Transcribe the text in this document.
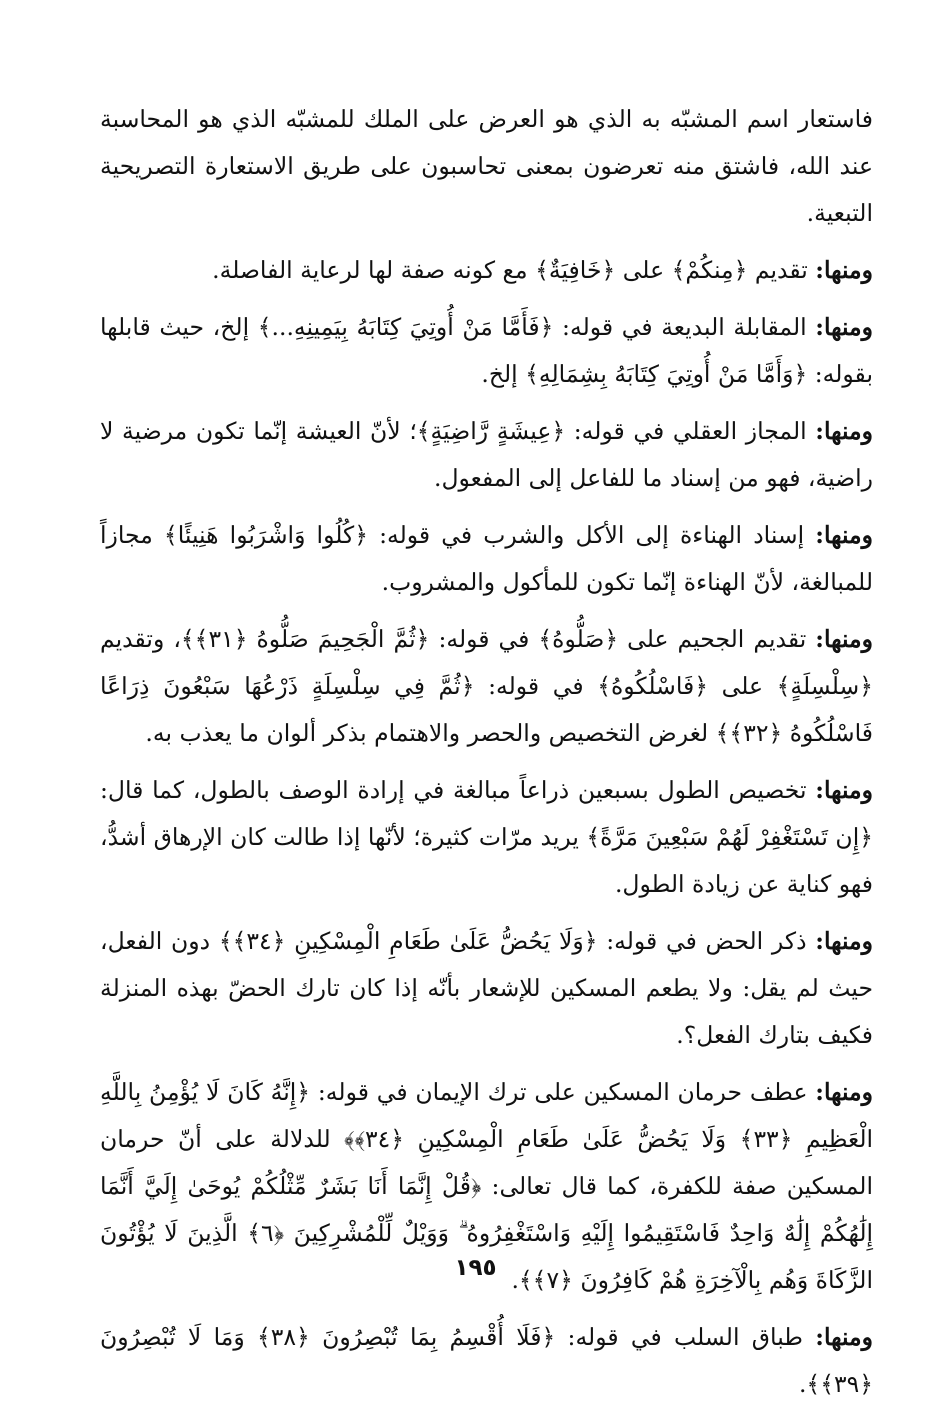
فاستعار اسم المشبّه به الذي هو العرض على الملك للمشبّه الذي هو المحاسبة عند الله، فاشتق منه تعرضون بمعنى تحاسبون على طريق الاستعارة التصريحية التبعية.

ومنها: تقديم ﴿مِنكُمْ﴾ على ﴿خَافِيَةٌ﴾ مع كونه صفة لها لرعاية الفاصلة.

ومنها: المقابلة البديعة في قوله: ﴿فَأَمَّا مَنْ أُوتِيَ كِتَابَهُ بِيَمِينِهِ...﴾ إلخ، حيث قابلها بقوله: ﴿وَأَمَّا مَنْ أُوتِيَ كِتَابَهُ بِشِمَالِهِ﴾ إلخ.

ومنها: المجاز العقلي في قوله: ﴿عِيشَةٍ رَّاضِيَةٍ﴾؛ لأنّ العيشة إنّما تكون مرضية لا راضية، فهو من إسناد ما للفاعل إلى المفعول.

ومنها: إسناد الهناءة إلى الأكل والشرب في قوله: ﴿كُلُوا وَاشْرَبُوا هَنِيئًا﴾ مجازاً للمبالغة، لأنّ الهناءة إنّما تكون للمأكول والمشروب.

ومنها: تقديم الجحيم على ﴿صَلُّوهُ﴾ في قوله: ﴿ثُمَّ الْجَحِيمَ صَلُّوهُ ﴿٣١﴾﴾، وتقديم ﴿سِلْسِلَةٍ﴾ على ﴿فَاسْلُكُوهُ﴾ في قوله: ﴿ثُمَّ فِي سِلْسِلَةٍ ذَرْعُهَا سَبْعُونَ ذِرَاعًا فَاسْلُكُوهُ ﴿٣٢﴾﴾ لغرض التخصيص والحصر والاهتمام بذكر ألوان ما يعذب به.

ومنها: تخصيص الطول بسبعين ذراعاً مبالغة في إرادة الوصف بالطول، كما قال: ﴿إِن تَسْتَغْفِرْ لَهُمْ سَبْعِينَ مَرَّةً﴾ يريد مرّات كثيرة؛ لأنّها إذا طالت كان الإرهاق أشدُّ، فهو كناية عن زيادة الطول.

ومنها: ذكر الحض في قوله: ﴿وَلَا يَحُضُّ عَلَىٰ طَعَامِ الْمِسْكِينِ ﴿٣٤﴾﴾ دون الفعل، حيث لم يقل: ولا يطعم المسكين للإشعار بأنّه إذا كان تارك الحضّ بهذه المنزلة فكيف بتارك الفعل؟.

ومنها: عطف حرمان المسكين على ترك الإيمان في قوله: ﴿إِنَّهُ كَانَ لَا يُؤْمِنُ بِاللَّهِ الْعَظِيمِ ﴿٣٣﴾ وَلَا يَحُضُّ عَلَىٰ طَعَامِ الْمِسْكِينِ ﴿٣٤﴾﴾ للدلالة على أنّ حرمان المسكين صفة للكفرة، كما قال تعالى: ﴿قُلْ إِنَّمَا أَنَا بَشَرٌ مِّثْلُكُمْ يُوحَىٰ إِلَيَّ أَنَّمَا إِلَٰهُكُمْ إِلَٰهٌ وَاحِدٌ فَاسْتَقِيمُوا إِلَيْهِ وَاسْتَغْفِرُوهُ ۗ وَوَيْلٌ لِّلْمُشْرِكِينَ ﴿٦﴾ الَّذِينَ لَا يُؤْتُونَ الزَّكَاةَ وَهُم بِالْآخِرَةِ هُمْ كَافِرُونَ ﴿٧﴾﴾.

ومنها: طباق السلب في قوله: ﴿فَلَا أُقْسِمُ بِمَا تُبْصِرُونَ ﴿٣٨﴾ وَمَا لَا تُبْصِرُونَ ﴿٣٩﴾﴾.

١٩٥
